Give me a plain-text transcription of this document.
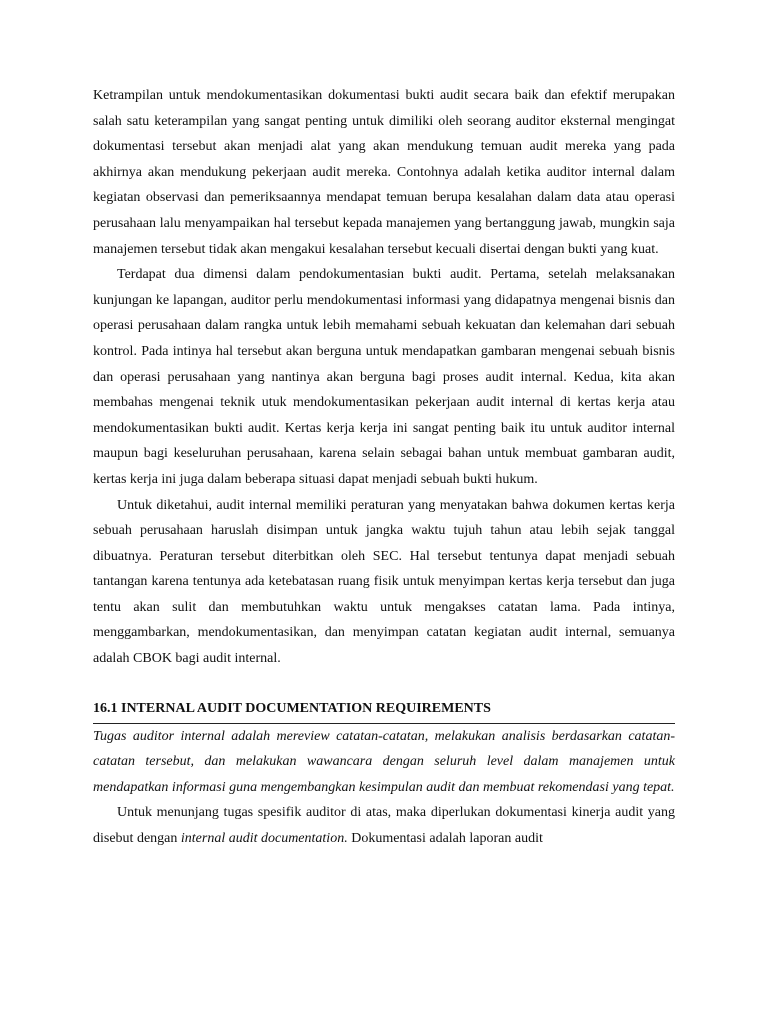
Ketrampilan untuk mendokumentasikan dokumentasi bukti audit secara baik dan efektif merupakan salah satu keterampilan yang sangat penting untuk dimiliki oleh seorang auditor eksternal mengingat dokumentasi tersebut akan menjadi alat yang akan mendukung temuan audit mereka yang pada akhirnya akan mendukung pekerjaan audit mereka. Contohnya adalah ketika auditor internal dalam kegiatan observasi dan pemeriksaannya mendapat temuan berupa kesalahan dalam data atau operasi perusahaan lalu menyampaikan hal tersebut kepada manajemen yang bertanggung jawab, mungkin saja manajemen tersebut tidak akan mengakui kesalahan tersebut kecuali disertai dengan bukti yang kuat.

Terdapat dua dimensi dalam pendokumentasian bukti audit. Pertama, setelah melaksanakan kunjungan ke lapangan, auditor perlu mendokumentasi informasi yang didapatnya mengenai bisnis dan operasi perusahaan dalam rangka untuk lebih memahami sebuah kekuatan dan kelemahan dari sebuah kontrol. Pada intinya hal tersebut akan berguna untuk mendapatkan gambaran mengenai sebuah bisnis dan operasi perusahaan yang nantinya akan berguna bagi proses audit internal. Kedua, kita akan membahas mengenai teknik utuk mendokumentasikan pekerjaan audit internal di kertas kerja atau mendokumentasikan bukti audit. Kertas kerja kerja ini sangat penting baik itu untuk auditor internal maupun bagi keseluruhan perusahaan, karena selain sebagai bahan untuk membuat gambaran audit, kertas kerja ini juga dalam beberapa situasi dapat menjadi sebuah bukti hukum.

Untuk diketahui, audit internal memiliki peraturan yang menyatakan bahwa dokumen kertas kerja sebuah perusahaan haruslah disimpan untuk jangka waktu tujuh tahun atau lebih sejak tanggal dibuatnya. Peraturan tersebut diterbitkan oleh SEC. Hal tersebut tentunya dapat menjadi sebuah tantangan karena tentunya ada ketebatasan ruang fisik untuk menyimpan kertas kerja tersebut dan juga tentu akan sulit dan membutuhkan waktu untuk mengakses catatan lama. Pada intinya, menggambarkan, mendokumentasikan, dan menyimpan catatan kegiatan audit internal, semuanya adalah CBOK bagi audit internal.

16.1 INTERNAL AUDIT DOCUMENTATION REQUIREMENTS

Tugas auditor internal adalah mereview catatan-catatan, melakukan analisis berdasarkan catatan-catatan tersebut, dan melakukan wawancara dengan seluruh level dalam manajemen untuk mendapatkan informasi guna mengembangkan kesimpulan audit dan membuat rekomendasi yang tepat.

Untuk menunjang tugas spesifik auditor di atas, maka diperlukan dokumentasi kinerja audit yang disebut dengan internal audit documentation. Dokumentasi adalah laporan audit
